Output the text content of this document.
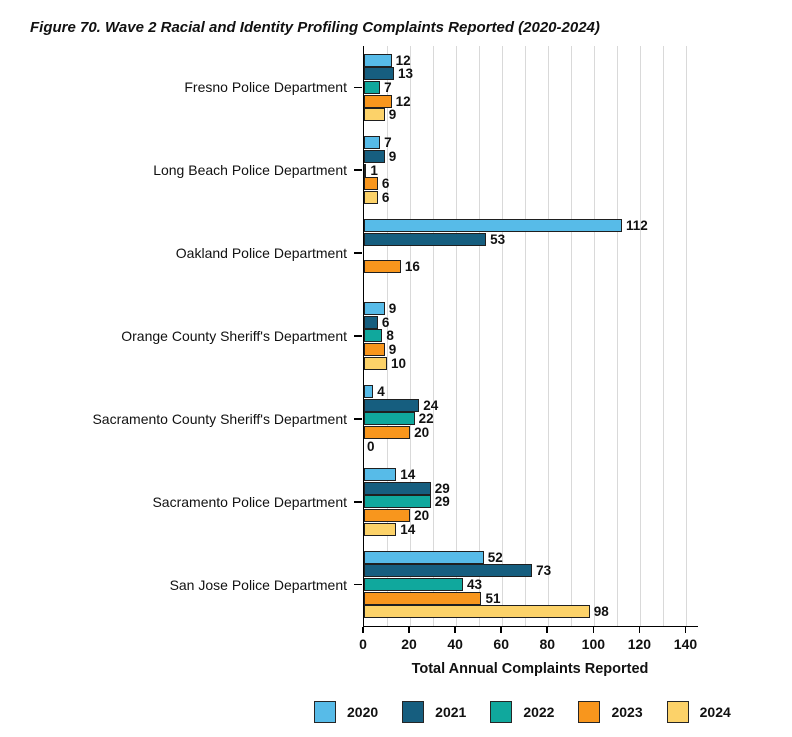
Figure 70. Wave 2 Racial and Identity Profiling Complaints Reported (2020-2024)
12
13
7
12
9
7
9
1
6
6
112
53
16
9
6
8
9
10
4
24
22
20
0
14
29
29
20
14
52
73
43
51
98
Fresno Police Department
Long Beach Police Department
Oakland Police Department
Orange County Sheriff's Department
Sacramento County Sheriff's Department
Sacramento Police Department
San Jose Police Department
0	20	40	60	80	100	120	140
Total Annual Complaints Reported
2020	2021	2022	2023	2024
